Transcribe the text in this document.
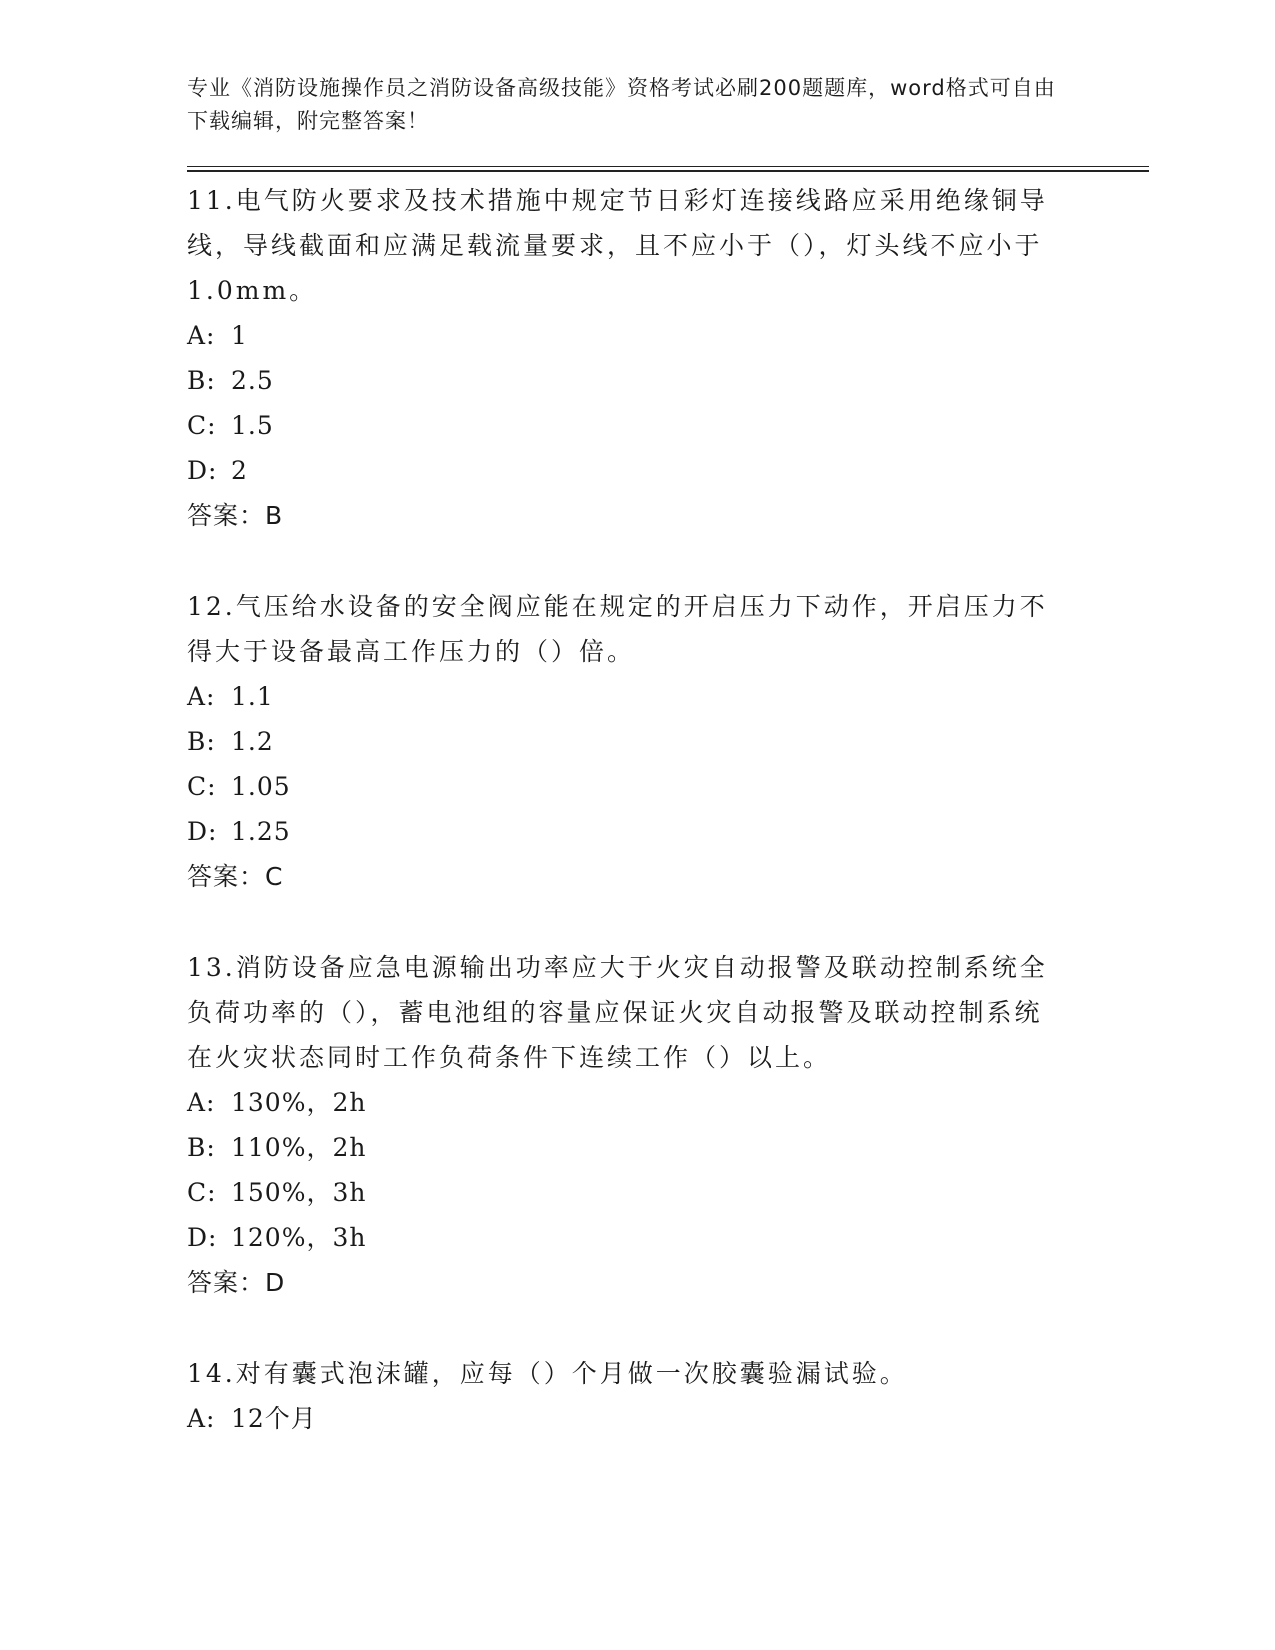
专业《消防设施操作员之消防设备高级技能》资格考试必刷200题题库，word格式可自由下载编辑，附完整答案！

11.电气防火要求及技术措施中规定节日彩灯连接线路应采用绝缘铜导线，导线截面和应满足载流量要求，且不应小于（），灯头线不应小于1.0mm。

A: 1

B: 2.5

C: 1.5

D: 2

答案：B

12.气压给水设备的安全阀应能在规定的开启压力下动作，开启压力不得大于设备最高工作压力的（）倍。

A: 1.1

B: 1.2

C: 1.05

D: 1.25

答案：C

13.消防设备应急电源输出功率应大于火灾自动报警及联动控制系统全负荷功率的（），蓄电池组的容量应保证火灾自动报警及联动控制系统在火灾状态同时工作负荷条件下连续工作（）以上。

A: 130%，2h

B: 110%，2h

C: 150%，3h

D: 120%，3h

答案：D

14.对有囊式泡沫罐，应每（）个月做一次胶囊验漏试验。

A: 12个月
